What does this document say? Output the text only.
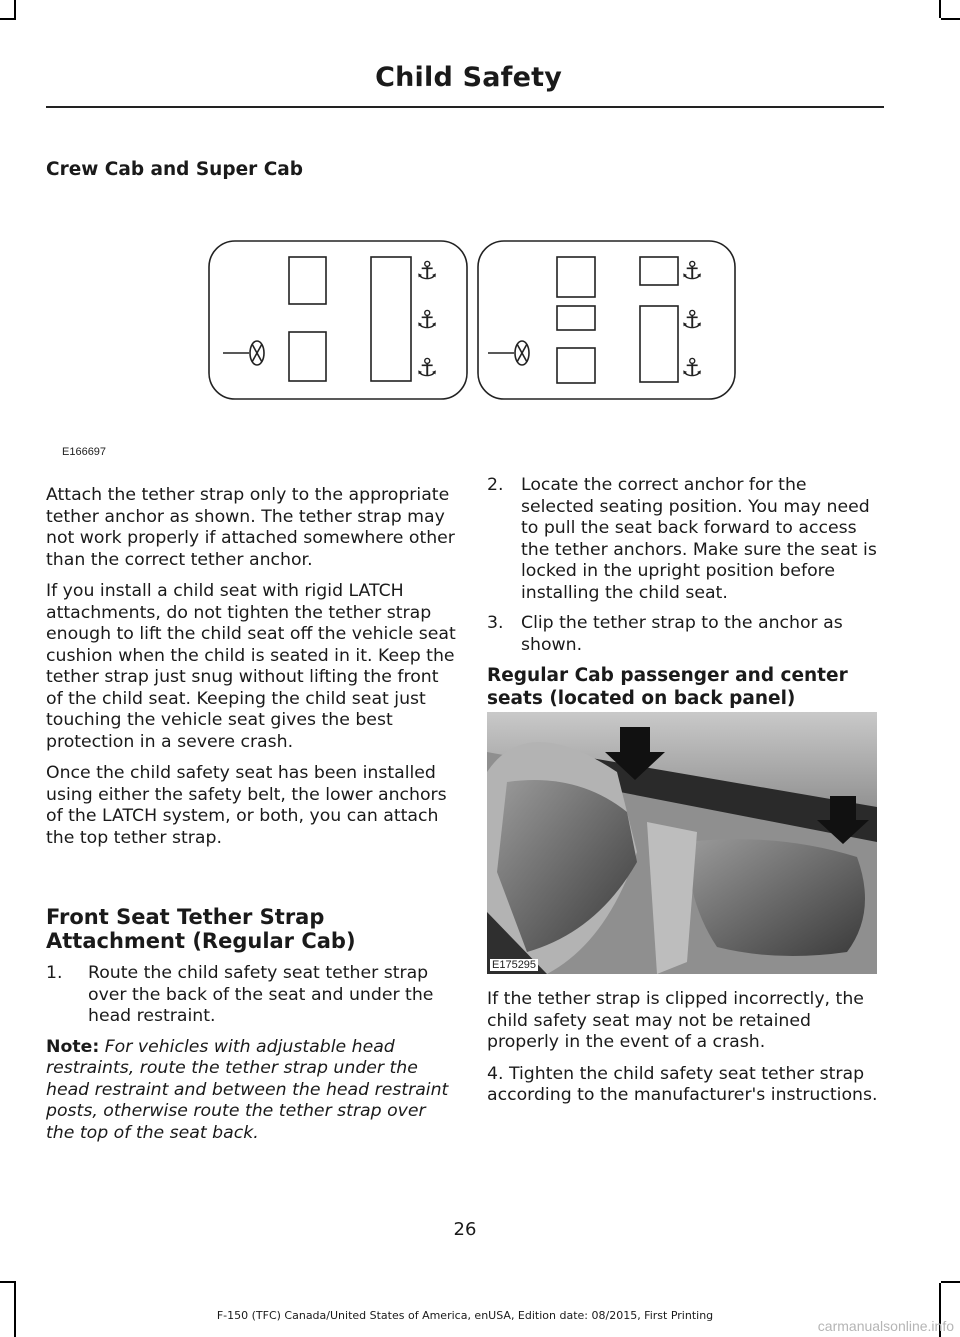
Child Safety
Crew Cab and Super Cab
⚓
⚓
⚓
⚓
⚓
⚓
E166697

Attach the tether strap only to the appropriate tether anchor as shown. The tether strap may not work properly if attached somewhere other than the correct tether anchor.

If you install a child seat with rigid LATCH attachments, do not tighten the tether strap enough to lift the child seat off the vehicle seat cushion when the child is seated in it. Keep the tether strap just snug without lifting the front of the child seat. Keeping the child seat just touching the vehicle seat gives the best protection in a severe crash.

Once the child safety seat has been installed using either the safety belt, the lower anchors of the LATCH system, or both, you can attach the top tether strap.

Front Seat Tether Strap Attachment (Regular Cab)
1.	Route the child safety seat tether strap over the back of the seat and under the head restraint.

Note: For vehicles with adjustable head restraints, route the tether strap under the head restraint and between the head restraint posts, otherwise route the tether strap over the top of the seat back.

2.	Locate the correct anchor for the selected seating position. You may need to pull the seat back forward to access the tether anchors. Make sure the seat is locked in the upright position before installing the child seat.
3.	Clip the tether strap to the anchor as shown.
Regular Cab passenger and center seats (located on back panel)
E175295

If the tether strap is clipped incorrectly, the child safety seat may not be retained properly in the event of a crash.

4. Tighten the child safety seat tether strap according to the manufacturer's instructions.

26
F-150 (TFC) Canada/United States of America, enUSA, Edition date: 08/2015, First Printing
carmanualsonline.info
